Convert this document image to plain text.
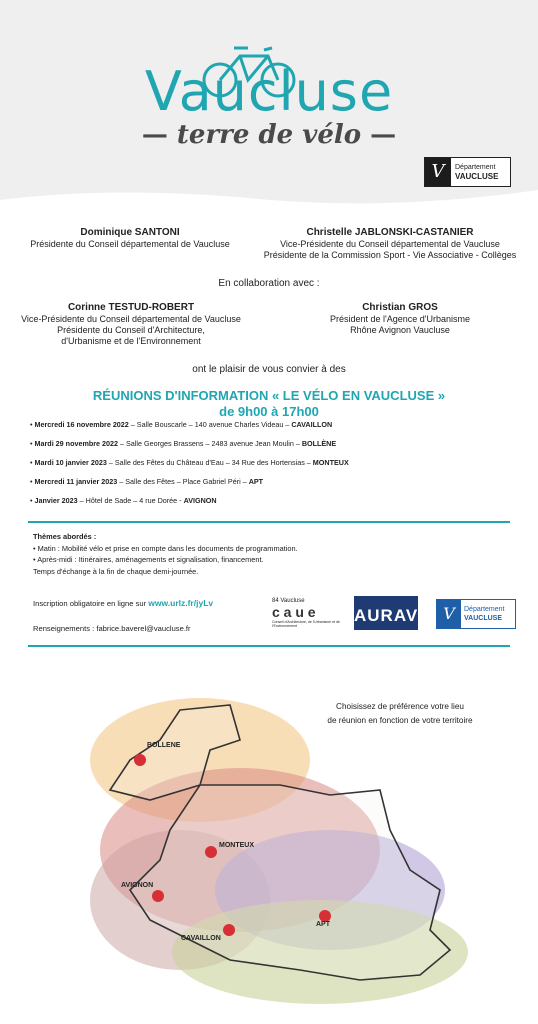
Vaucluse
— terre de vélo —
V	Département
VAUCLUSE
Dominique SANTONI
Présidente du Conseil départemental de Vaucluse
Christelle JABLONSKI-CASTANIER
Vice-Présidente du Conseil départemental de Vaucluse
Présidente de la Commission Sport - Vie Associative - Collèges
En collaboration avec :
Corinne TESTUD-ROBERT
Vice-Présidente du Conseil départemental de Vaucluse
Présidente du Conseil d'Architecture,
d'Urbanisme et de l'Environnement
Christian GROS
Président de l'Agence d'Urbanisme
Rhône Avignon Vaucluse
ont le plaisir de vous convier à des
RÉUNIONS D'INFORMATION « LE VÉLO EN VAUCLUSE »
de 9h00 à 17h00
• Mercredi 16 novembre 2022 – Salle Bouscarle – 140 avenue Charles Videau – CAVAILLON
• Mardi 29 novembre 2022 – Salle Georges Brassens – 2483 avenue Jean Moulin – BOLLÈNE
• Mardi 10 janvier 2023 – Salle des Fêtes du Château d'Eau – 34 Rue des Hortensias – MONTEUX
• Mercredi 11 janvier 2023 – Salle des Fêtes – Place Gabriel Péri – APT
• Janvier 2023 – Hôtel de Sade – 4 rue Dorée - AVIGNON
Thèmes abordés :
• Matin : Mobilité vélo et prise en compte dans les documents de programmation.
• Après-midi : Itinéraires, aménagements et signalisation, financement.
Temps d'échange à la fin de chaque demi-journée.
Inscription obligatoire en ligne sur www.urlz.fr/jyLv
Renseignements : fabrice.baverel@vaucluse.fr
84 Vaucluse
c a u e
Conseil d'Architecture, de l'Urbanisme et de l'Environnement
AURAV	V	Département
VAUCLUSE
Choisissez de préférence votre lieu
de réunion en fonction de votre territoire
BOLLENE
MONTEUX
AVIGNON
APT
CAVAILLON
